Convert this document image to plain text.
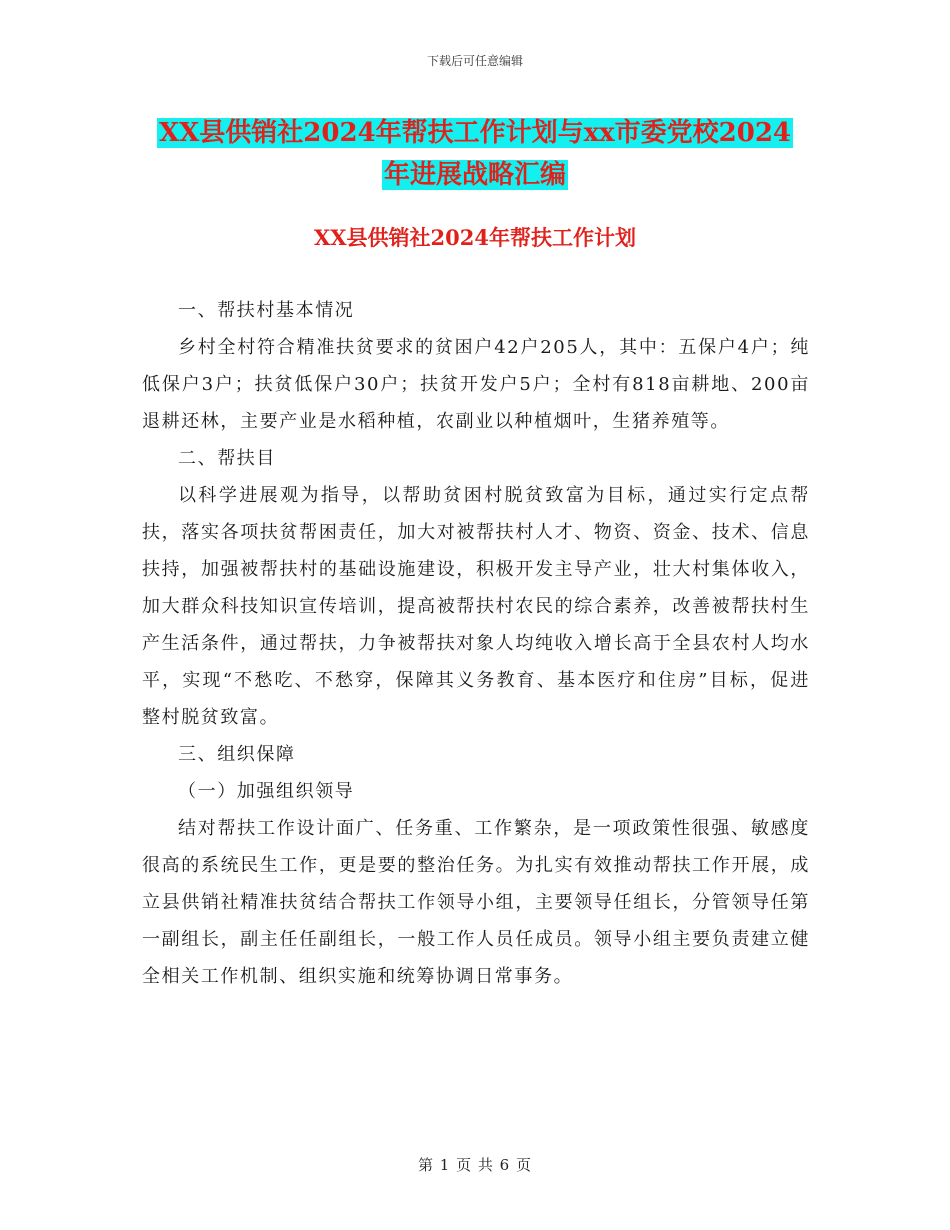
下载后可任意编辑
XX县供销社2024年帮扶工作计划与xx市委党校2024
年进展战略汇编
XX县供销社2024年帮扶工作计划

一、帮扶村基本情况

乡村全村符合精准扶贫要求的贫困户42户205人，其中：五保户4户；纯低保户3户；扶贫低保户30户；扶贫开发户5户；全村有818亩耕地、200亩退耕还林，主要产业是水稻种植，农副业以种植烟叶，生猪养殖等。

二、帮扶目

以科学进展观为指导，以帮助贫困村脱贫致富为目标，通过实行定点帮扶，落实各项扶贫帮困责任，加大对被帮扶村人才、物资、资金、技术、信息扶持，加强被帮扶村的基础设施建设，积极开发主导产业，壮大村集体收入，加大群众科技知识宣传培训，提高被帮扶村农民的综合素养，改善被帮扶村生产生活条件，通过帮扶，力争被帮扶对象人均纯收入增长高于全县农村人均水平，实现“不愁吃、不愁穿，保障其义务教育、基本医疗和住房”目标，促进整村脱贫致富。

三、组织保障

（一）加强组织领导

结对帮扶工作设计面广、任务重、工作繁杂，是一项政策性很强、敏感度很高的系统民生工作，更是要的整治任务。为扎实有效推动帮扶工作开展，成立县供销社精准扶贫结合帮扶工作领导小组，主要领导任组长，分管领导任第一副组长，副主任任副组长，一般工作人员任成员。领导小组主要负责建立健全相关工作机制、组织实施和统筹协调日常事务。

第 1 页 共 6 页
